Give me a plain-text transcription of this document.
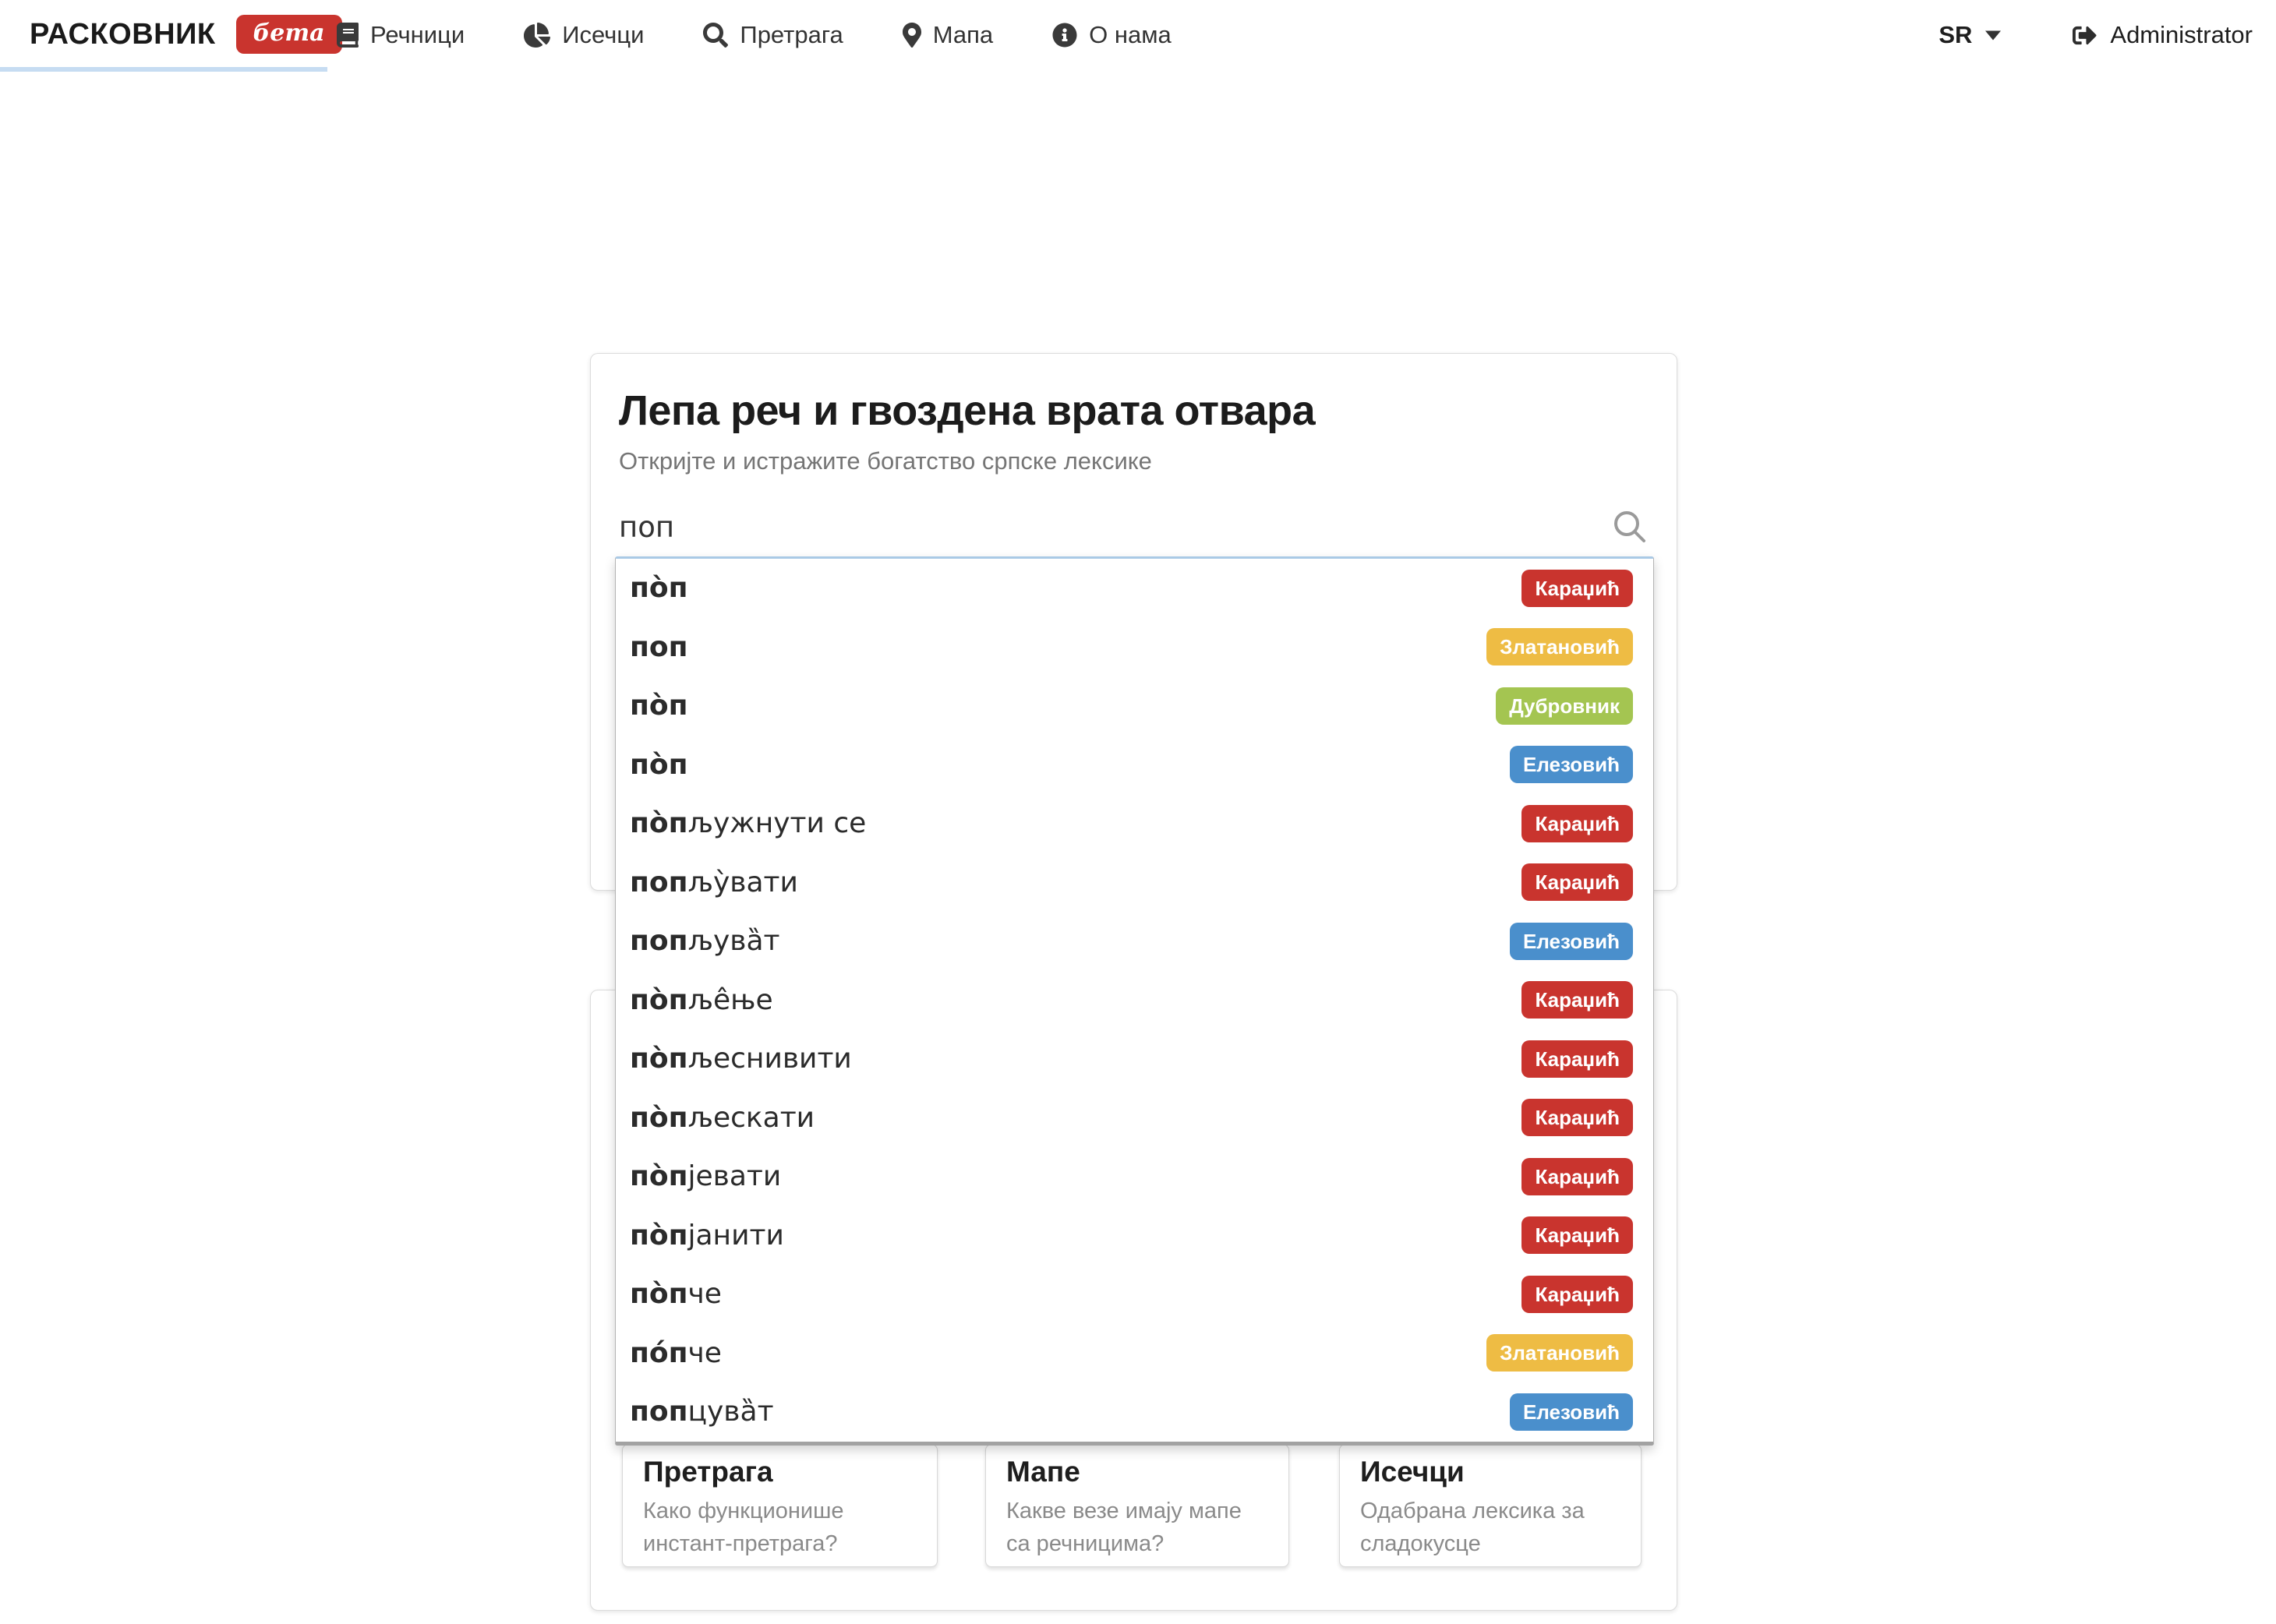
РАСКОВНИК	бета	Речници	Исечци	Претрага	Мапа	О нама	SR	Administrator
Лепа реч и гвоздена врата отвара

Откријте и истражите богатство српске лексике

поп
по̀п	Караџић
поп	Златановић
по̀п	Дубровник
по̀п	Елезовић
по̀пљужнути се	Караџић
попљу̀вати	Караџић
попљува̏т	Елезовић
по̀пље̂ње	Караџић
по̀пљеснивити	Караџић
по̀пљескати	Караџић
по̀пјевати	Караџић
по̀пјанити	Караџић
по̀пче	Караџић
по́пче	Златановић
попцува̏т	Елезовић
Претрага

Како функционише инстант-претрага?

Мапе

Какве везе имају мапе са речницима?

Исечци

Одабрана лексика за сладокусце
